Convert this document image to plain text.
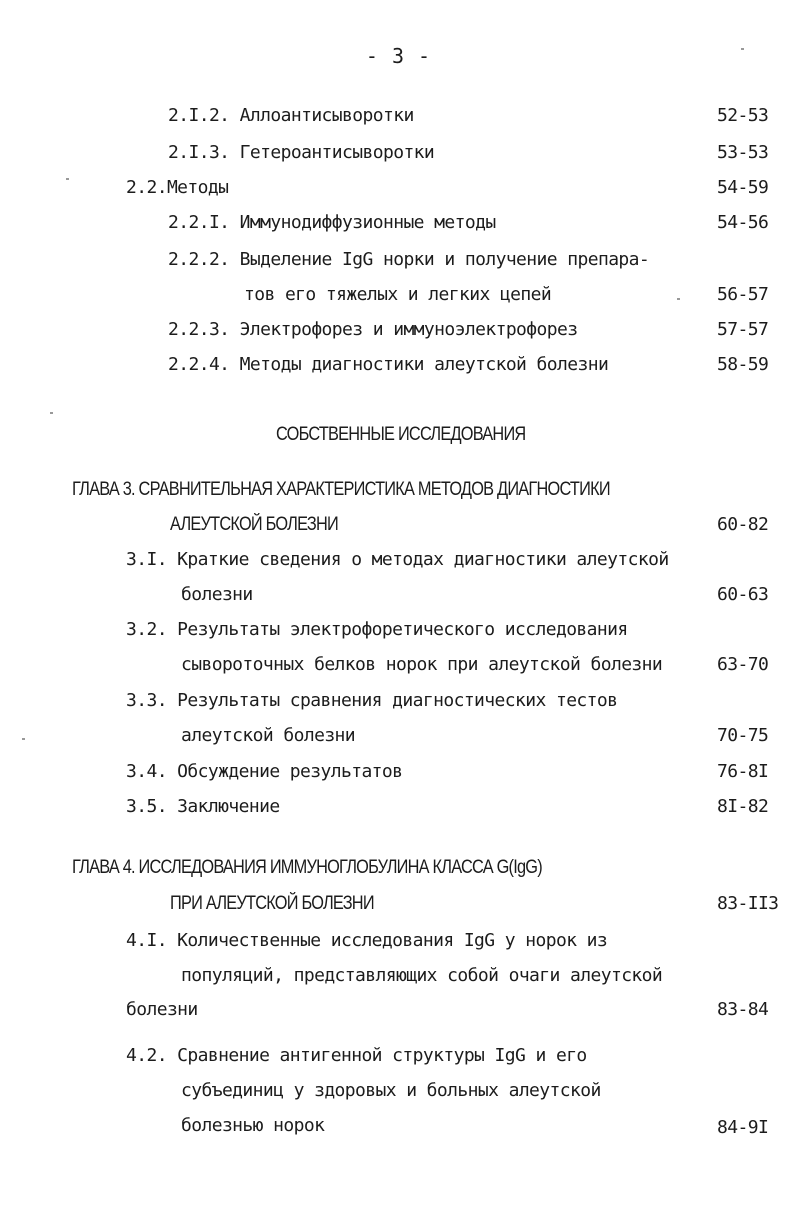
- 3 -
2.I.2. Аллоантисыворотки	52-53
2.I.3. Гетероантисыворотки	53-53
2.2.Методы	54-59
2.2.I. Иммунодиффузионные методы	54-56
2.2.2. Выделение IgG норки и получение препара-
тов его тяжелых и легких цепей	56-57
2.2.3. Электрофорез и иммуноэлектрофорез	57-57
2.2.4. Методы диагностики алеутской болезни	58-59
СОБСТВЕННЫЕ ИССЛЕДОВАНИЯ
ГЛАВА 3. СРАВНИТЕЛЬНАЯ ХАРАКТЕРИСТИКА МЕТОДОВ ДИАГНОСТИКИ
АЛЕУТСКОЙ БОЛЕЗНИ	60-82
3.I. Краткие сведения о методах диагностики алеутской
болезни	60-63
3.2. Результаты электрофоретического исследования
сывороточных белков норок при алеутской болезни	63-70
3.3. Результаты сравнения диагностических тестов
алеутской болезни	70-75
3.4. Обсуждение результатов	76-8I
3.5. Заключение	8I-82
ГЛАВА 4. ИССЛЕДОВАНИЯ ИММУНОГЛОБУЛИНА КЛАССА G(IgG)
ПРИ АЛЕУТСКОЙ БОЛЕЗНИ	83-II3
4.I. Количественные исследования IgG у норок из
популяций, представляющих собой очаги алеутской
болезни	83-84
4.2. Сравнение антигенной структуры IgG и его
субъединиц у здоровых и больных алеутской
болезнью норок	84-9I
